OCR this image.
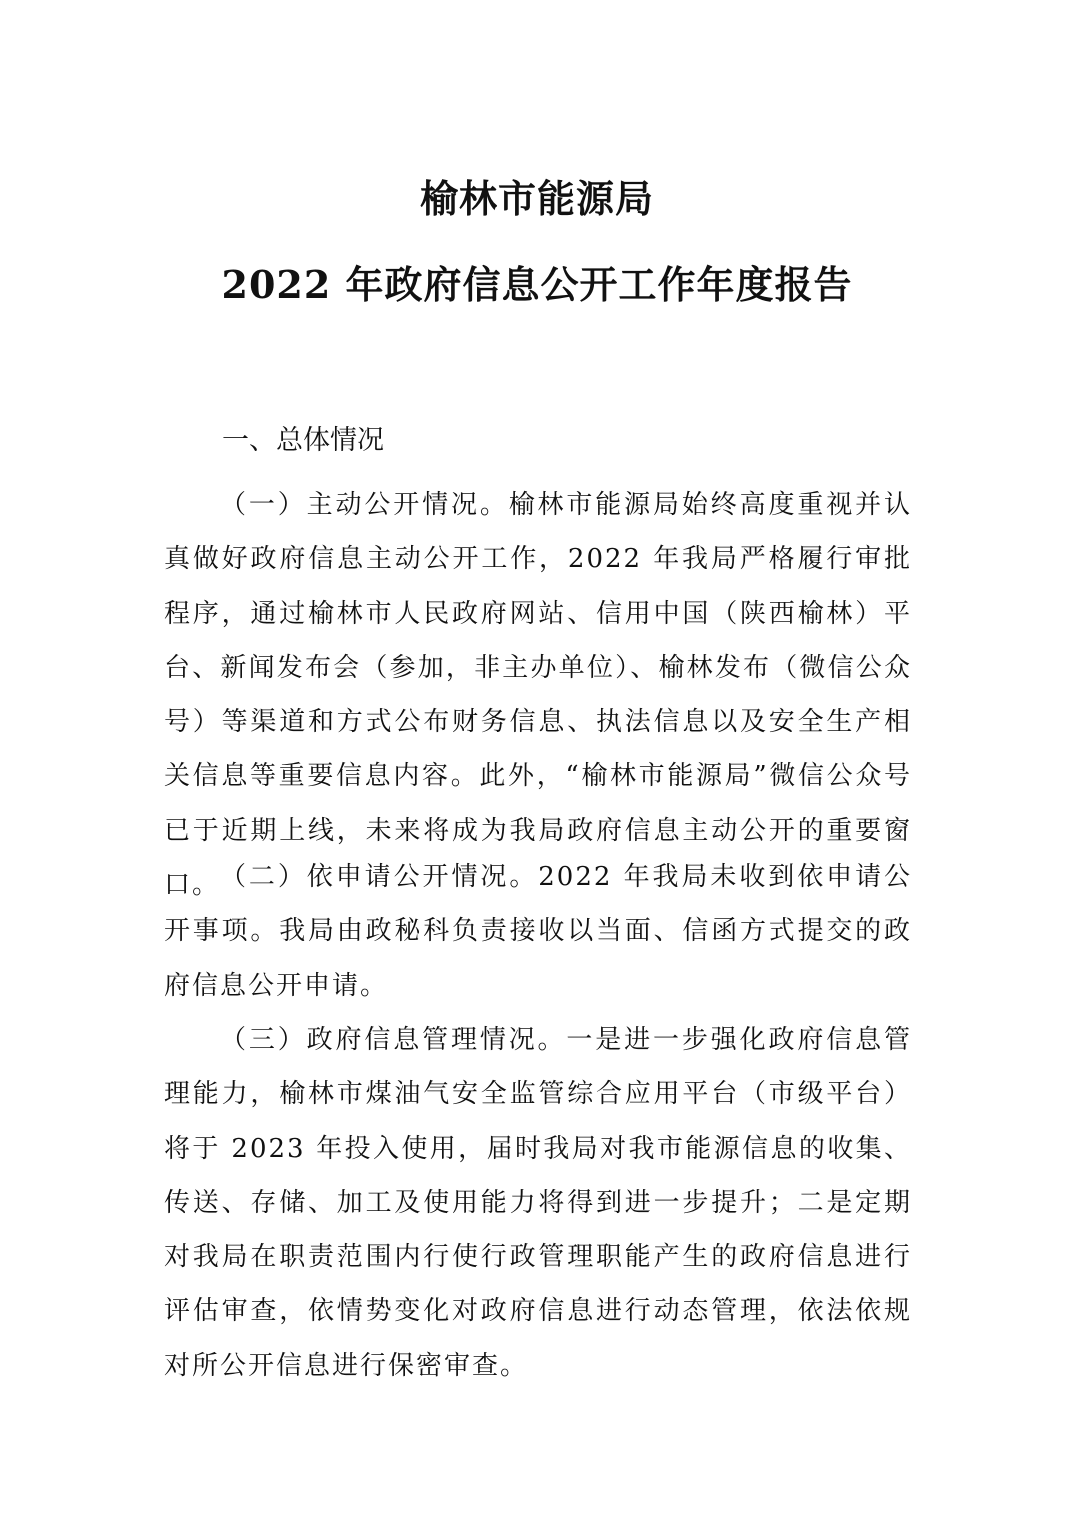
榆林市能源局
2022 年政府信息公开工作年度报告
一、总体情况

（一）主动公开情况。榆林市能源局始终高度重视并认真做好政府信息主动公开工作，2022 年我局严格履行审批程序，通过榆林市人民政府网站、信用中国（陕西榆林）平台、新闻发布会（参加，非主办单位）、榆林发布（微信公众号）等渠道和方式公布财务信息、执法信息以及安全生产相关信息等重要信息内容。此外，“榆林市能源局”微信公众号已于近期上线，未来将成为我局政府信息主动公开的重要窗口。 （二）依申请公开情况。2022 年我局未收到依申请公开事项。我局由政秘科负责接收以当面、信函方式提交的政府信息公开申请。

（三）政府信息管理情况。一是进一步强化政府信息管理能力，榆林市煤油气安全监管综合应用平台（市级平台）将于 2023 年投入使用，届时我局对我市能源信息的收集、传送、存储、加工及使用能力将得到进一步提升；二是定期对我局在职责范围内行使行政管理职能产生的政府信息进行评估审查，依情势变化对政府信息进行动态管理，依法依规对所公开信息进行保密审查。
